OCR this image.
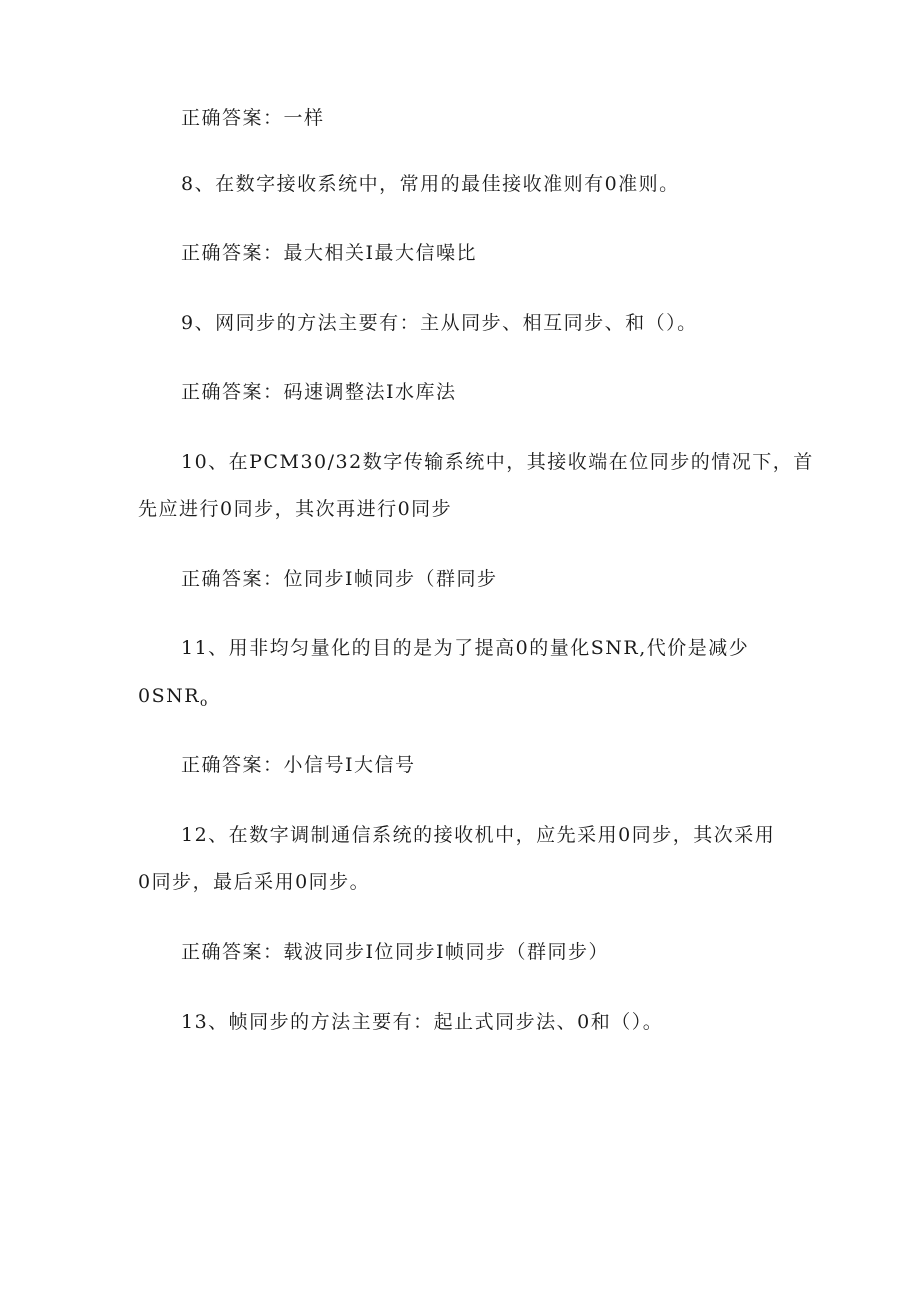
正确答案：一样
8、在数字接收系统中，常用的最佳接收准则有0准则。
正确答案：最大相关I最大信噪比
9、网同步的方法主要有：主从同步、相互同步、和（）。
正确答案：码速调整法I水库法
10、在PCM30/32数字传输系统中，其接收端在位同步的情况下，首
先应进行0同步，其次再进行0同步
正确答案：位同步I帧同步（群同步
11、用非均匀量化的目的是为了提高0的量化SNR,代价是减少
$0SNR_o$
正确答案：小信号I大信号
12、在数字调制通信系统的接收机中，应先采用0同步，其次采用
0同步，最后采用0同步。
正确答案：载波同步I位同步I帧同步（群同步）
13、帧同步的方法主要有：起止式同步法、0和（）。
